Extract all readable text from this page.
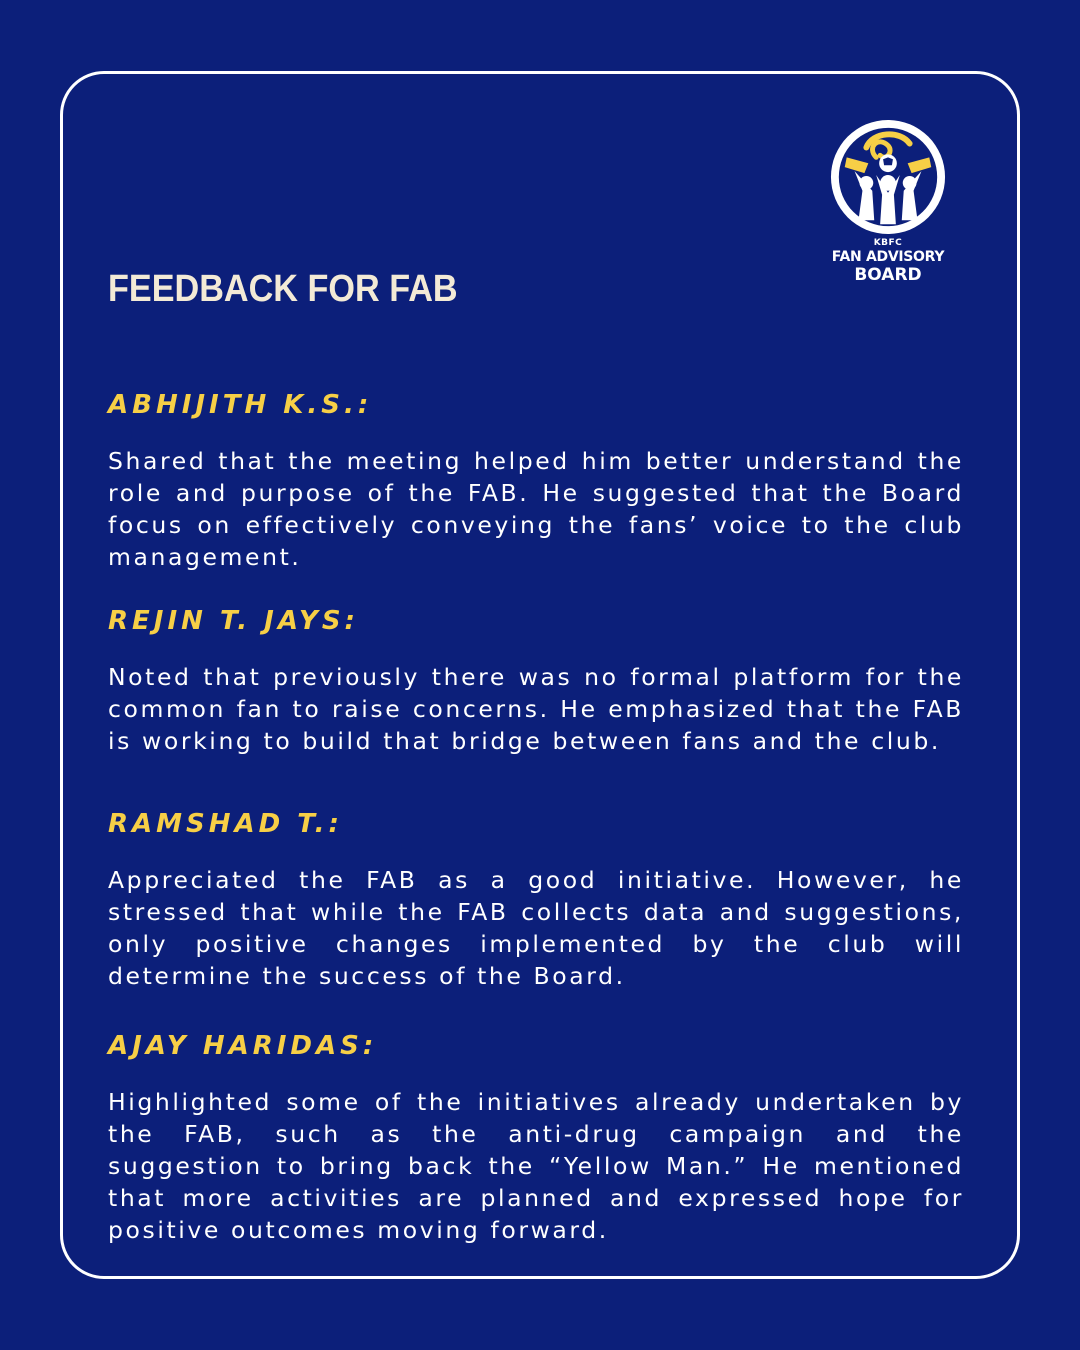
KBFC
FAN ADVISORY
BOARD
FEEDBACK FOR FAB
ABHIJITH K.S.:

Shared that the meeting helped him better understand the role and purpose of the FAB. He suggested that the Board focus on effectively conveying the fans’ voice to the club management.

REJIN T. JAYS:

Noted that previously there was no formal platform for the common fan to raise concerns. He emphasized that the FAB is working to build that bridge between fans and the club.

RAMSHAD T.:

Appreciated the FAB as a good initiative. However, he stressed that while the FAB collects data and suggestions, only positive changes implemented by the club will determine the success of the Board.

AJAY HARIDAS:

Highlighted some of the initiatives already undertaken by the FAB, such as the anti-drug campaign and the suggestion to bring back the “Yellow Man.” He mentioned that more activities are planned and expressed hope for positive outcomes moving forward.
